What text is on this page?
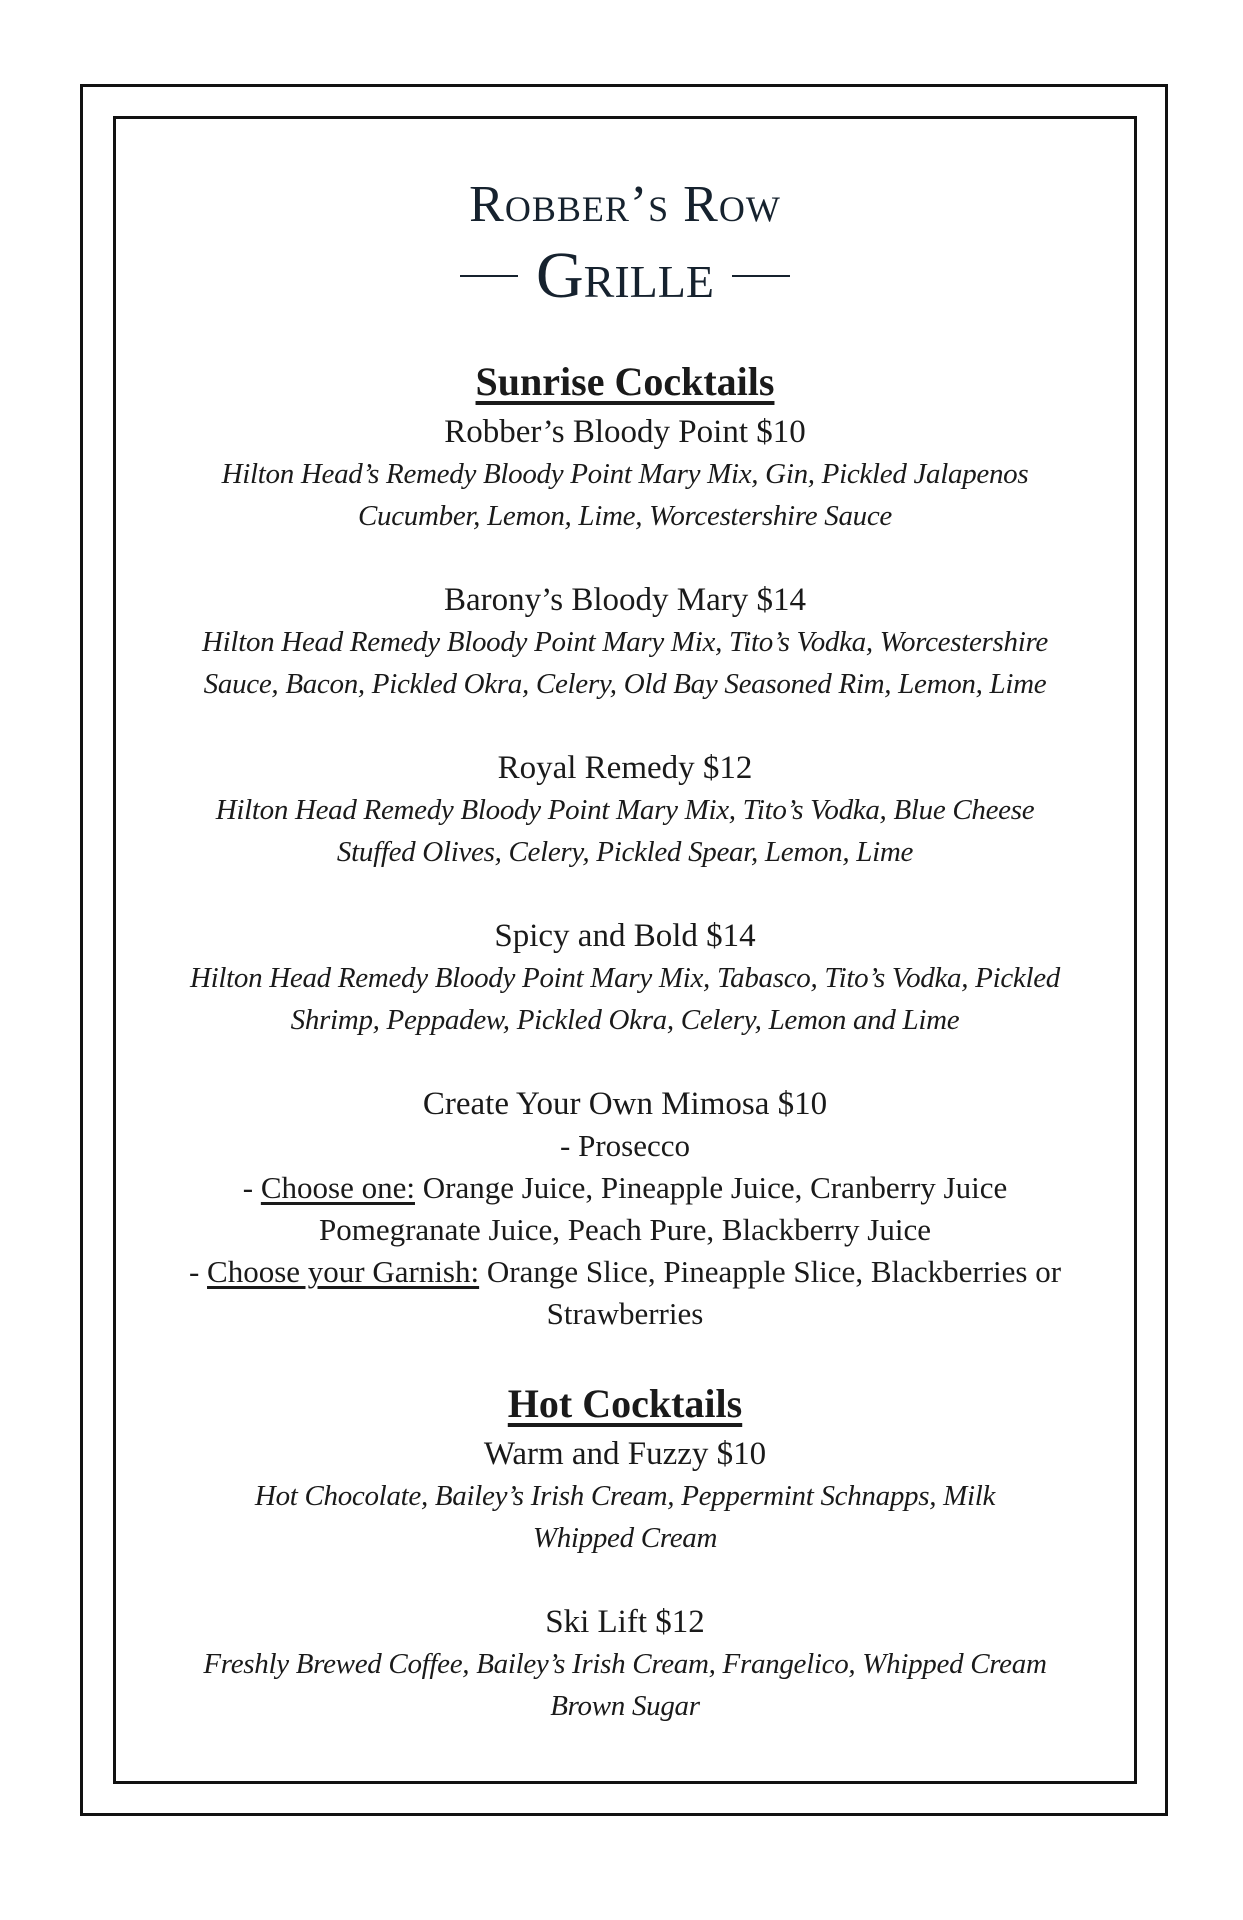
Robber’s Row
Grille
Sunrise Cocktails
Robber’s Bloody Point $10
Hilton Head’s Remedy Bloody Point Mary Mix, Gin, Pickled Jalapenos
Cucumber, Lemon, Lime, Worcestershire Sauce
Barony’s Bloody Mary $14
Hilton Head Remedy Bloody Point Mary Mix, Tito’s Vodka, Worcestershire
Sauce, Bacon, Pickled Okra, Celery, Old Bay Seasoned Rim, Lemon, Lime
Royal Remedy $12
Hilton Head Remedy Bloody Point Mary Mix, Tito’s Vodka, Blue Cheese
Stuffed Olives, Celery, Pickled Spear, Lemon, Lime
Spicy and Bold $14
Hilton Head Remedy Bloody Point Mary Mix, Tabasco, Tito’s Vodka, Pickled
Shrimp, Peppadew, Pickled Okra, Celery, Lemon and Lime
Create Your Own Mimosa $10
- Prosecco
- Choose one: Orange Juice, Pineapple Juice, Cranberry Juice
Pomegranate Juice, Peach Pure, Blackberry Juice
- Choose your Garnish: Orange Slice, Pineapple Slice, Blackberries or
Strawberries
Hot Cocktails
Warm and Fuzzy $10
Hot Chocolate, Bailey’s Irish Cream, Peppermint Schnapps, Milk
Whipped Cream
Ski Lift $12
Freshly Brewed Coffee, Bailey’s Irish Cream, Frangelico, Whipped Cream
Brown Sugar
